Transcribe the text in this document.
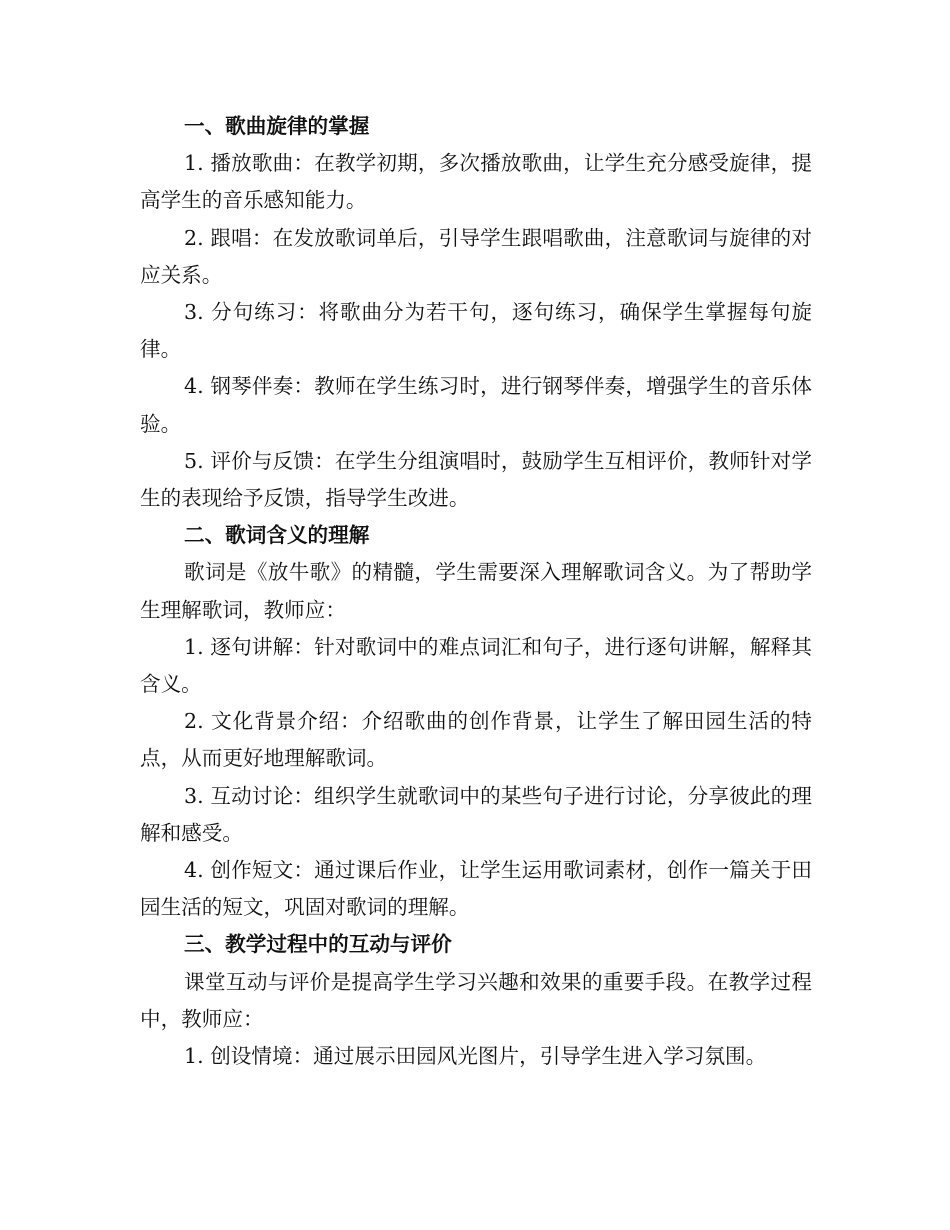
一、歌曲旋律的掌握

1. 播放歌曲：在教学初期，多次播放歌曲，让学生充分感受旋律，提高学生的音乐感知能力。

2. 跟唱：在发放歌词单后，引导学生跟唱歌曲，注意歌词与旋律的对应关系。

3. 分句练习：将歌曲分为若干句，逐句练习，确保学生掌握每句旋律。

4. 钢琴伴奏：教师在学生练习时，进行钢琴伴奏，增强学生的音乐体验。

5. 评价与反馈：在学生分组演唱时，鼓励学生互相评价，教师针对学生的表现给予反馈，指导学生改进。

二、歌词含义的理解

歌词是《放牛歌》的精髓，学生需要深入理解歌词含义。为了帮助学生理解歌词，教师应：

1. 逐句讲解：针对歌词中的难点词汇和句子，进行逐句讲解，解释其含义。

2. 文化背景介绍：介绍歌曲的创作背景，让学生了解田园生活的特点，从而更好地理解歌词。

3. 互动讨论：组织学生就歌词中的某些句子进行讨论，分享彼此的理解和感受。

4. 创作短文：通过课后作业，让学生运用歌词素材，创作一篇关于田园生活的短文，巩固对歌词的理解。

三、教学过程中的互动与评价

课堂互动与评价是提高学生学习兴趣和效果的重要手段。在教学过程中，教师应：

1. 创设情境：通过展示田园风光图片，引导学生进入学习氛围。
